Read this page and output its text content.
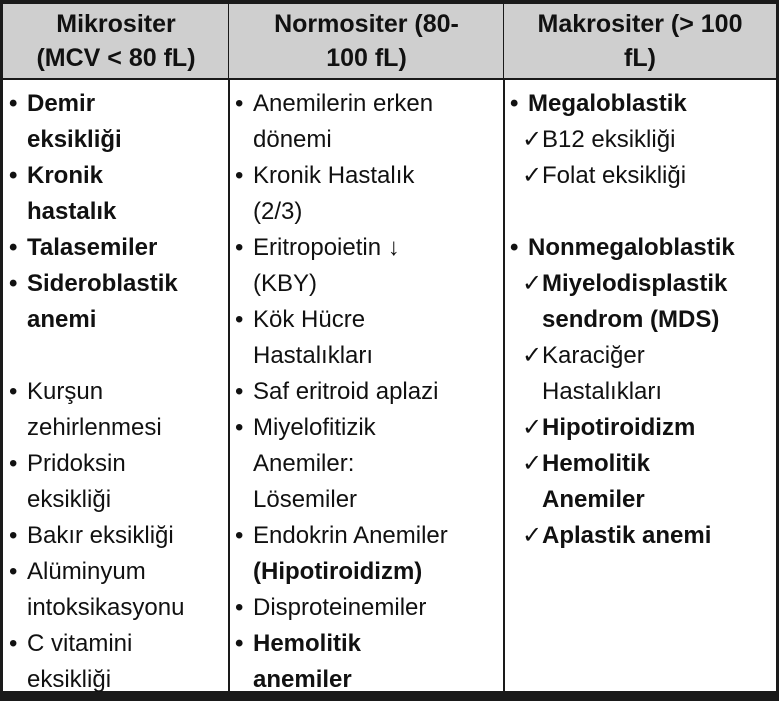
Mikrositer
(MCV < 80 fL)
• Demir
eksikliği
• Kronik
hastalık
• Talasemiler
• Sideroblastik
anemi
• Kurşun
zehirlenmesi
• Pridoksin
eksikliği
• Bakır eksikliği
• Alüminyum
intoksikasyonu
• C vitamini
eksikliği
Normositer (80-
100 fL)
• Anemilerin erken
dönemi
• Kronik Hastalık
(2/3)
• Eritropoietin ↓
(KBY)
• Kök Hücre
Hastalıkları
• Saf eritroid aplazi
• Miyelofitizik
Anemiler:
Lösemiler
• Endokrin Anemiler
(Hipotiroidizm)
• Disproteinemiler
• Hemolitik
anemiler
Makrositer (> 100
fL)
• Megaloblastik
✓ B12 eksikliği
✓ Folat eksikliği
• Nonmegaloblastik
✓ Miyelodisplastik
sendrom (MDS)
✓ Karaciğer
Hastalıkları
✓ Hipotiroidizm
✓ Hemolitik
Anemiler
✓ Aplastik anemi
